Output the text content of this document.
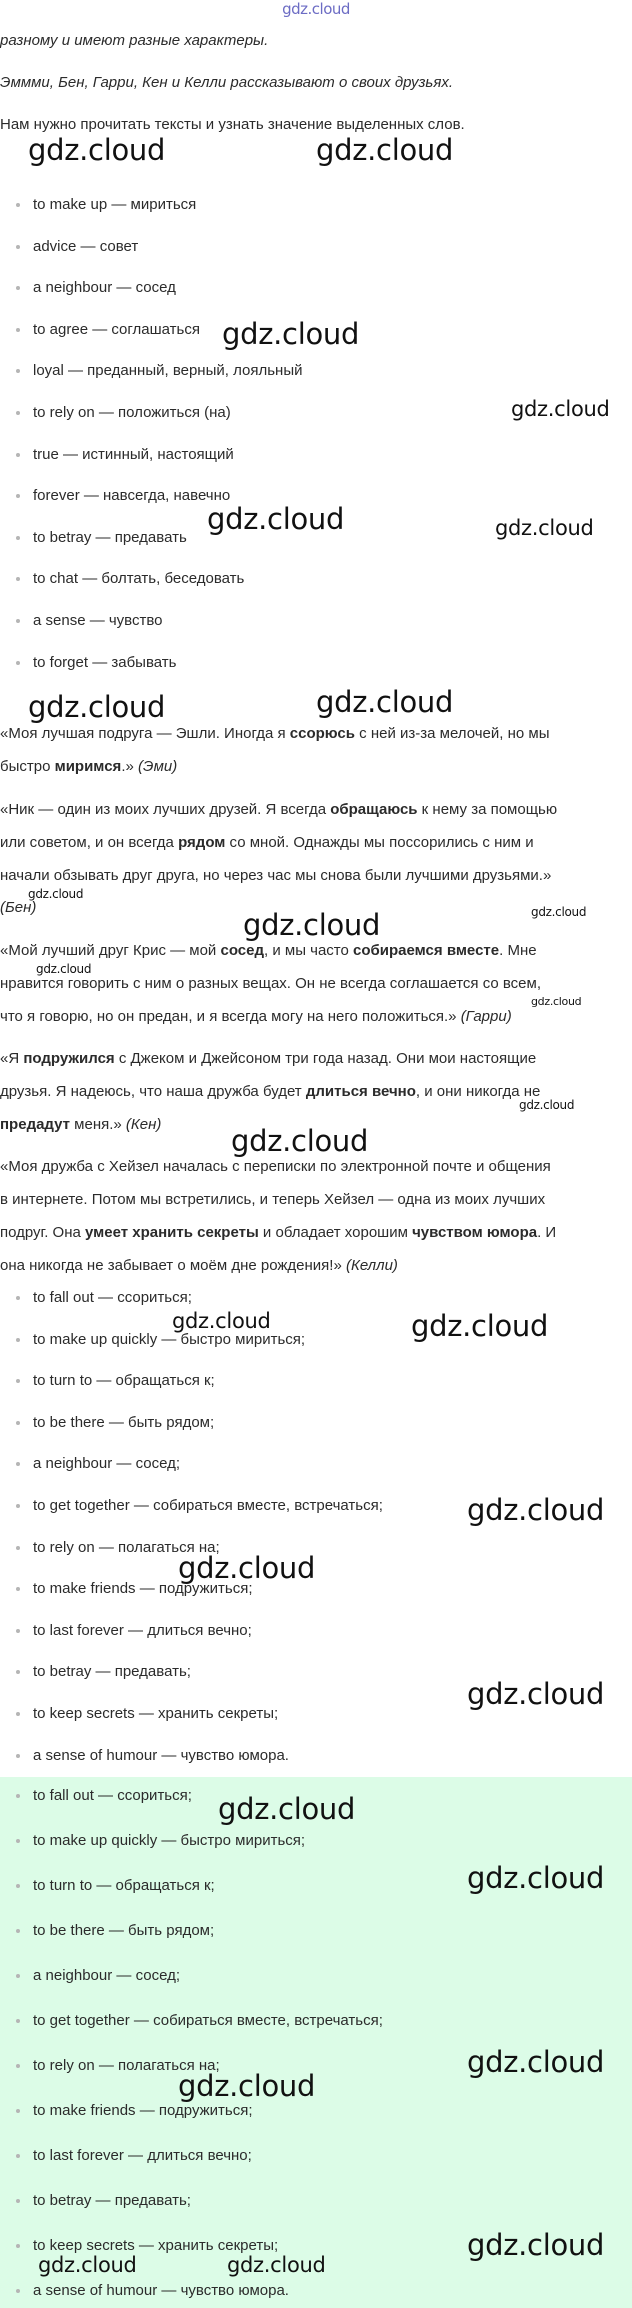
gdz.cloud

разному и имеют разные характеры.

Эммми, Бен, Гарри, Кен и Келли рассказывают о своих друзьях.

Нам нужно прочитать тексты и узнать значение выделенных слов.

to make up — мириться
advice — совет
a neighbour — сосед
to agree — соглашаться
loyal — преданный, верный, лояльный
to rely on — положиться (на)
true — истинный, настоящий
forever — навсегда, навечно
to betray — предавать
to chat — болтать, беседовать
a sense — чувство
to forget — забывать
«Моя лучшая подруга — Эшли. Иногда я ссорюсь с ней из-за мелочей, но мы
быстро миримся.» (Эми)
«Ник — один из моих лучших друзей. Я всегда обращаюсь к нему за помощью
или советом, и он всегда рядом со мной. Однажды мы поссорились с ним и
начали обзывать друг друга, но через час мы снова были лучшими друзьями.»
(Бен)
«Мой лучший друг Крис — мой сосед, и мы часто собираемся вместе. Мне
нравится говорить с ним о разных вещах. Он не всегда соглашается со всем,
что я говорю, но он предан, и я всегда могу на него положиться.» (Гарри)
«Я подружился с Джеком и Джейсоном три года назад. Они мои настоящие
друзья. Я надеюсь, что наша дружба будет длиться вечно, и они никогда не
предадут меня.» (Кен)
«Моя дружба с Хейзел началась с переписки по электронной почте и общения
в интернете. Потом мы встретились, и теперь Хейзел — одна из моих лучших
подруг. Она умеет хранить секреты и обладает хорошим чувством юмора. И
она никогда не забывает о моём дне рождения!» (Келли)
to fall out — ссориться;
to make up quickly — быстро мириться;
to turn to — обращаться к;
to be there — быть рядом;
a neighbour — сосед;
to get together — собираться вместе, встречаться;
to rely on — полагаться на;
to make friends — подружиться;
to last forever — длиться вечно;
to betray — предавать;
to keep secrets — хранить секреты;
a sense of humour — чувство юмора.
to fall out — ссориться;
to make up quickly — быстро мириться;
to turn to — обращаться к;
to be there — быть рядом;
a neighbour — сосед;
to get together — собираться вместе, встречаться;
to rely on — полагаться на;
to make friends — подружиться;
to last forever — длиться вечно;
to betray — предавать;
to keep secrets — хранить секреты;
a sense of humour — чувство юмора.
gdz.cloud	gdz.cloud
gdz.cloud
gdz.cloud
gdz.cloud	gdz.cloud
gdz.cloud	gdz.cloud
gdz.cloud
gdz.cloud	gdz.cloud
gdz.cloud
gdz.cloud
gdz.cloud
gdz.cloud
gdz.cloud	gdz.cloud
gdz.cloud
gdz.cloud
gdz.cloud
gdz.cloud
gdz.cloud
gdz.cloud
gdz.cloud
gdz.cloud
gdz.cloud	gdz.cloud
